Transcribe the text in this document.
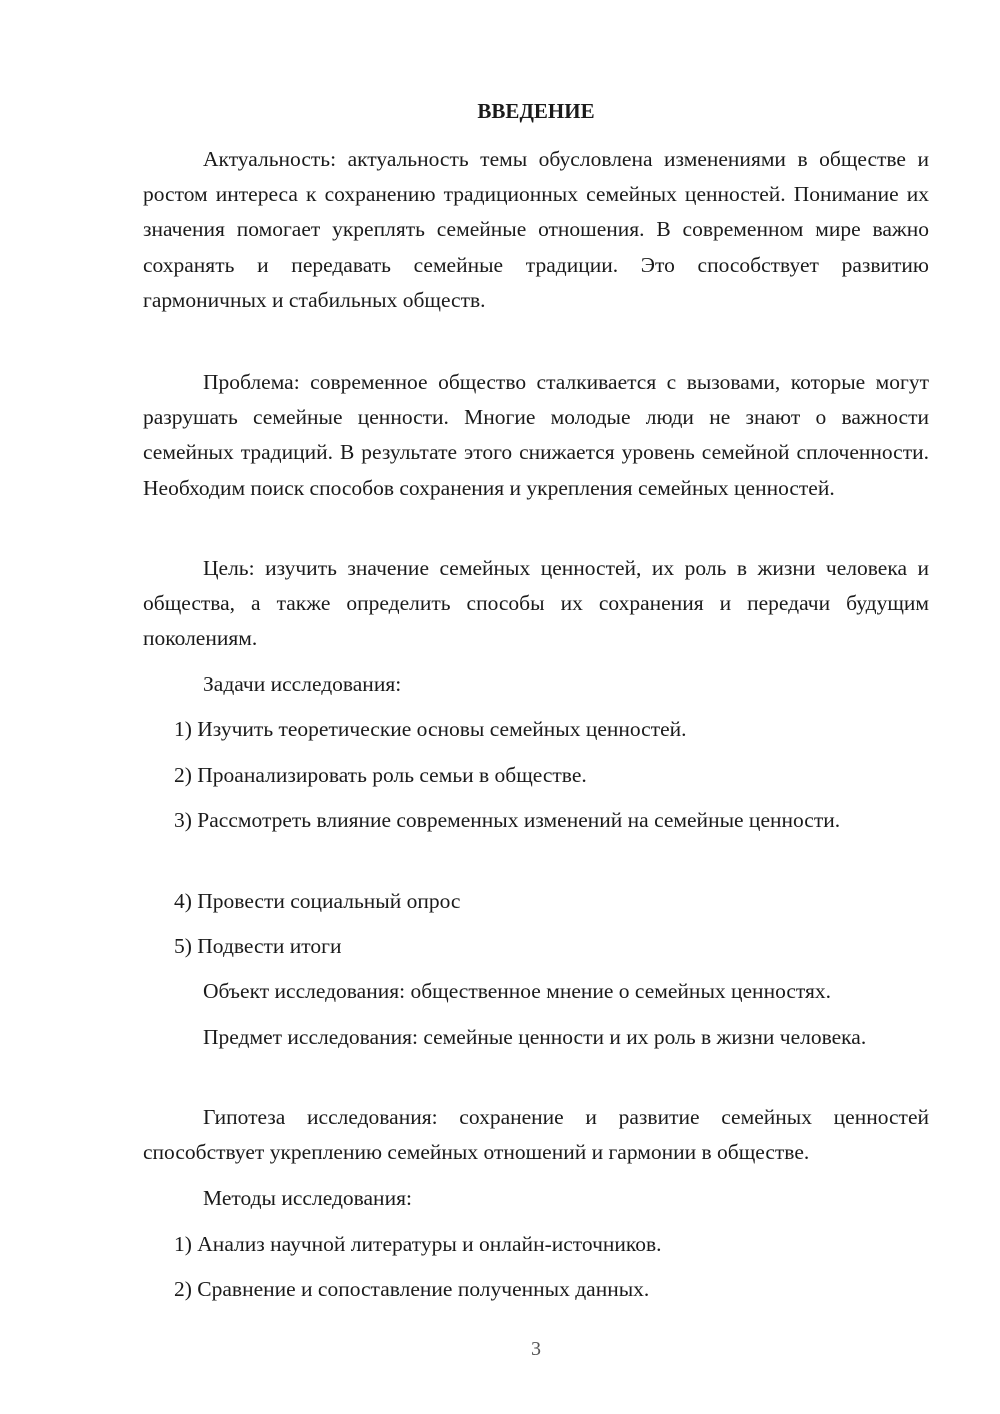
ВВЕДЕНИЕ

Актуальность: актуальность темы обусловлена изменениями в обществе и ростом интереса к сохранению традиционных семейных ценностей. Понимание их значения помогает укреплять семейные отношения. В современном мире важно сохранять и передавать семейные традиции. Это способствует развитию гармоничных и стабильных обществ.

Проблема: современное общество сталкивается с вызовами, которые могут разрушать семейные ценности. Многие молодые люди не знают о важности семейных традиций. В результате этого снижается уровень семейной сплоченности. Необходим поиск способов сохранения и укрепления семейных ценностей.

Цель: изучить значение семейных ценностей, их роль в жизни человека и общества, а также определить способы их сохранения и передачи будущим поколениям.

Задачи исследования:

1) Изучить теоретические основы семейных ценностей.

2) Проанализировать роль семьи в обществе.

3) Рассмотреть влияние современных изменений на семейные ценности.

4) Провести социальный опрос

5) Подвести итоги

Объект исследования: общественное мнение о семейных ценностях.

Предмет исследования: семейные ценности и их роль в жизни человека.

Гипотеза исследования: сохранение и развитие семейных ценностей способствует укреплению семейных отношений и гармонии в обществе.

Методы исследования:

1) Анализ научной литературы и онлайн-источников.

2) Сравнение и сопоставление полученных данных.

3
